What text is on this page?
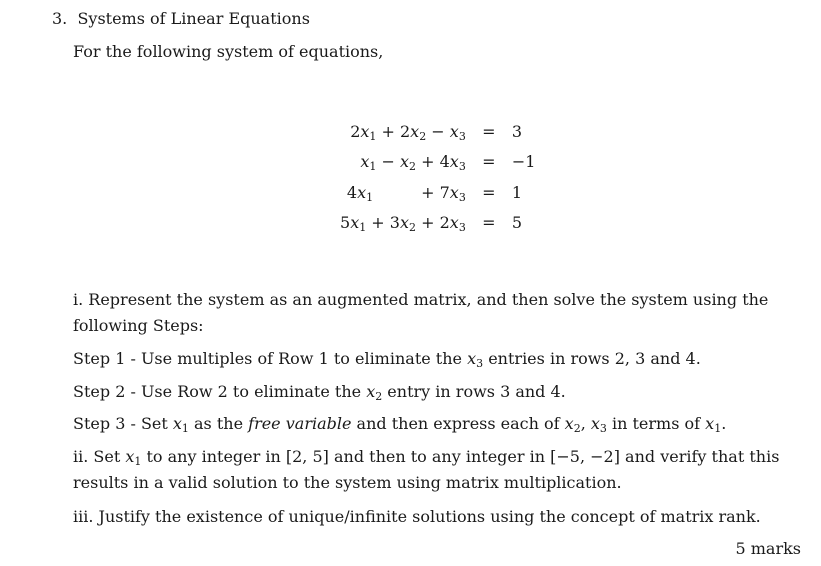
3. Systems of Linear Equations
For the following system of equations,
$2x_1 + 2x_2 - x_3$	=	3
$x_1 - x_2 + 4x_3$	=	−1
$4x_1 + 7x_3$	=	1
$5x_1 + 3x_2 + 2x_3$	=	5
i. Represent the system as an augmented matrix, and then solve the system using the following Steps:
Step 1 - Use multiples of Row 1 to eliminate the $x_3$ entries in rows 2, 3 and 4.
Step 2 - Use Row 2 to eliminate the $x_2$ entry in rows 3 and 4.
Step 3 - Set $x_1$ as the free variable and then express each of $x_2$, $x_3$ in terms of $x_1$.
ii. Set $x_1$ to any integer in [2, 5] and then to any integer in [−5, −2] and verify that this results in a valid solution to the system using matrix multiplication.
iii. Justify the existence of unique/infinite solutions using the concept of matrix rank.
5 marks
